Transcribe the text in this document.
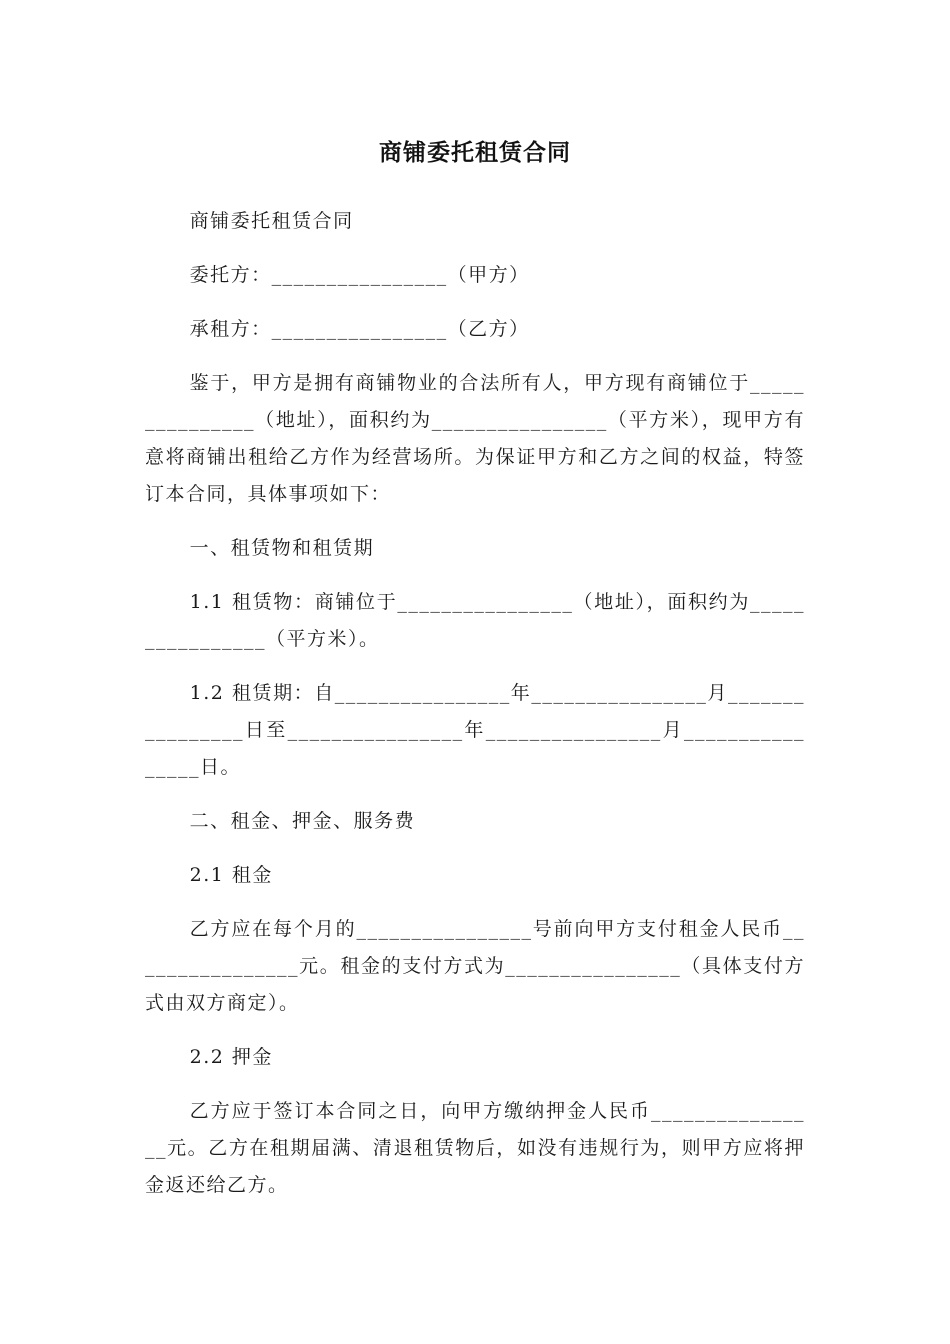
商铺委托租赁合同

商铺委托租赁合同

委托方：________________（甲方）

承租方：________________（乙方）

鉴于，甲方是拥有商铺物业的合法所有人，甲方现有商铺位于_______________（地址），面积约为________________（平方米），现甲方有意将商铺出租给乙方作为经营场所。为保证甲方和乙方之间的权益，特签订本合同，具体事项如下：

一、租赁物和租赁期

1.1 租赁物：商铺位于________________（地址），面积约为________________（平方米）。

1.2 租赁期：自________________年________________月________________日至________________年________________月________________日。

二、租金、押金、服务费

2.1 租金

乙方应在每个月的________________号前向甲方支付租金人民币________________元。租金的支付方式为________________（具体支付方式由双方商定）。

2.2 押金

乙方应于签订本合同之日，向甲方缴纳押金人民币________________元。乙方在租期届满、清退租赁物后，如没有违规行为，则甲方应将押金返还给乙方。
